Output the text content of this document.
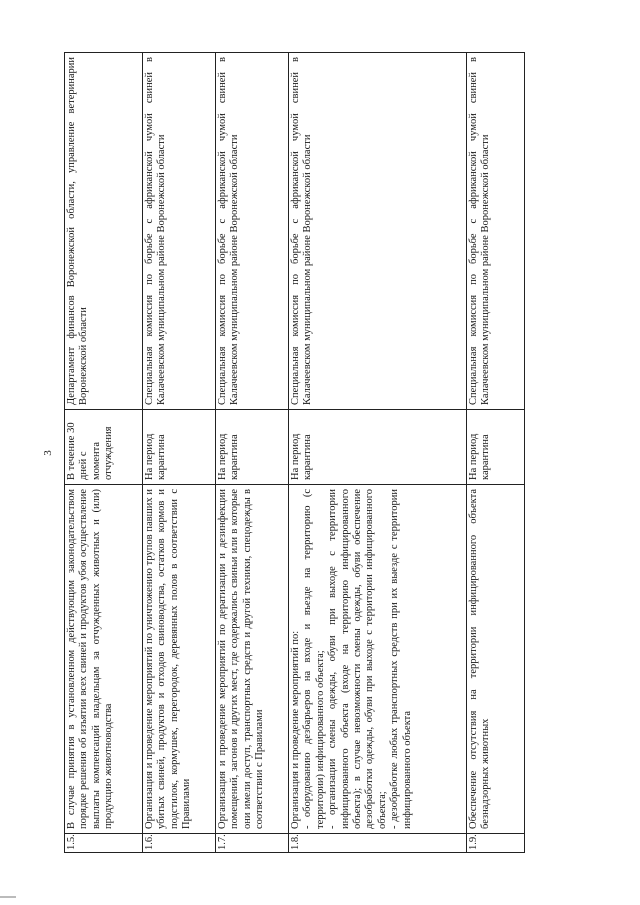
3
1.5.	В случае принятия в установленном действующим законодательством порядке решения об изъятии всех свиней и продуктов убоя осуществление выплаты компенсаций владельцам за отчужденных животных и (или) продукцию животноводства	В течение 30 дней с момента отчуждения	Департамент финансов Воронежской области, управление ветеринарии Воронежской области
1.6.	Организация и проведение мероприятий по уничтожению трупов павших и убитых свиней, продуктов и отходов свиноводства, остатков кормов и подстилок, кормушек, перегородок, деревянных полов в соответствии с Правилами	На период карантина	Специальная комиссия по борьбе с африканской чумой свиней в Калачеевском муниципальном районе Воронежской области
1.7.	Организация и проведение мероприятий по дератизации и дезинфекции помещений, загонов и других мест, где содержались свиньи или в которые они имели доступ, транспортных средств и другой техники, спецодежды в соответствии с Правилами	На период карантина	Специальная комиссия по борьбе с африканской чумой свиней в Калачеевском муниципальном районе Воронежской области
1.8.	Организация и проведение мероприятий по: - оборудованию дезбарьеров на входе и въезде на территорию (с территории) инфицированного объекта; - организации смены одежды, обуви при выходе с территории инфицированного объекта (входе на территорию инфицированного объекта); в случае невозможности смены одежды, обуви обеспечение дезобработки одежды, обуви при выходе с территории инфицированного объекта; - дезобработке любых транспортных средств при их выезде с территории инфицированного объекта	На период карантина	Специальная комиссия по борьбе с африканской чумой свиней в Калачеевском муниципальном районе Воронежской области
1.9.	Обеспечение отсутствия на территории инфицированного объекта безнадзорных животных	На период карантина	Специальная комиссия по борьбе с африканской чумой свиней в Калачеевском муниципальном районе Воронежской области
